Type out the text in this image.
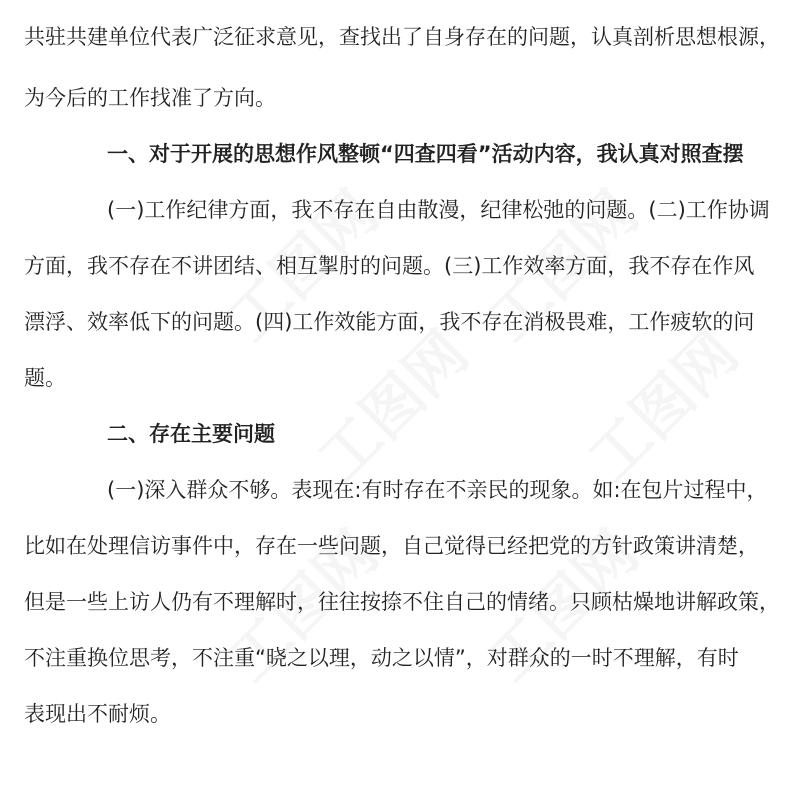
工图网 工图网
工图网 工图网
工图网 工图网
共驻共建单位代表广泛征求意见，查找出了自身存在的问题，认真剖析思想根源，
为今后的工作找准了方向。
一、对于开展的思想作风整顿“四查四看”活动内容，我认真对照查摆
(一)工作纪律方面，我不存在自由散漫，纪律松弛的问题。(二)工作协调
方面，我不存在不讲团结、相互掣肘的问题。(三)工作效率方面，我不存在作风
漂浮、效率低下的问题。(四)工作效能方面，我不存在消极畏难，工作疲软的问
题。
二、存在主要问题
(一)深入群众不够。表现在:有时存在不亲民的现象。如:在包片过程中，
比如在处理信访事件中，存在一些问题，自己觉得已经把党的方针政策讲清楚，
但是一些上访人仍有不理解时，往往按捺不住自己的情绪。只顾枯燥地讲解政策，
不注重换位思考，不注重“晓之以理，动之以情”，对群众的一时不理解，有时
表现出不耐烦。
